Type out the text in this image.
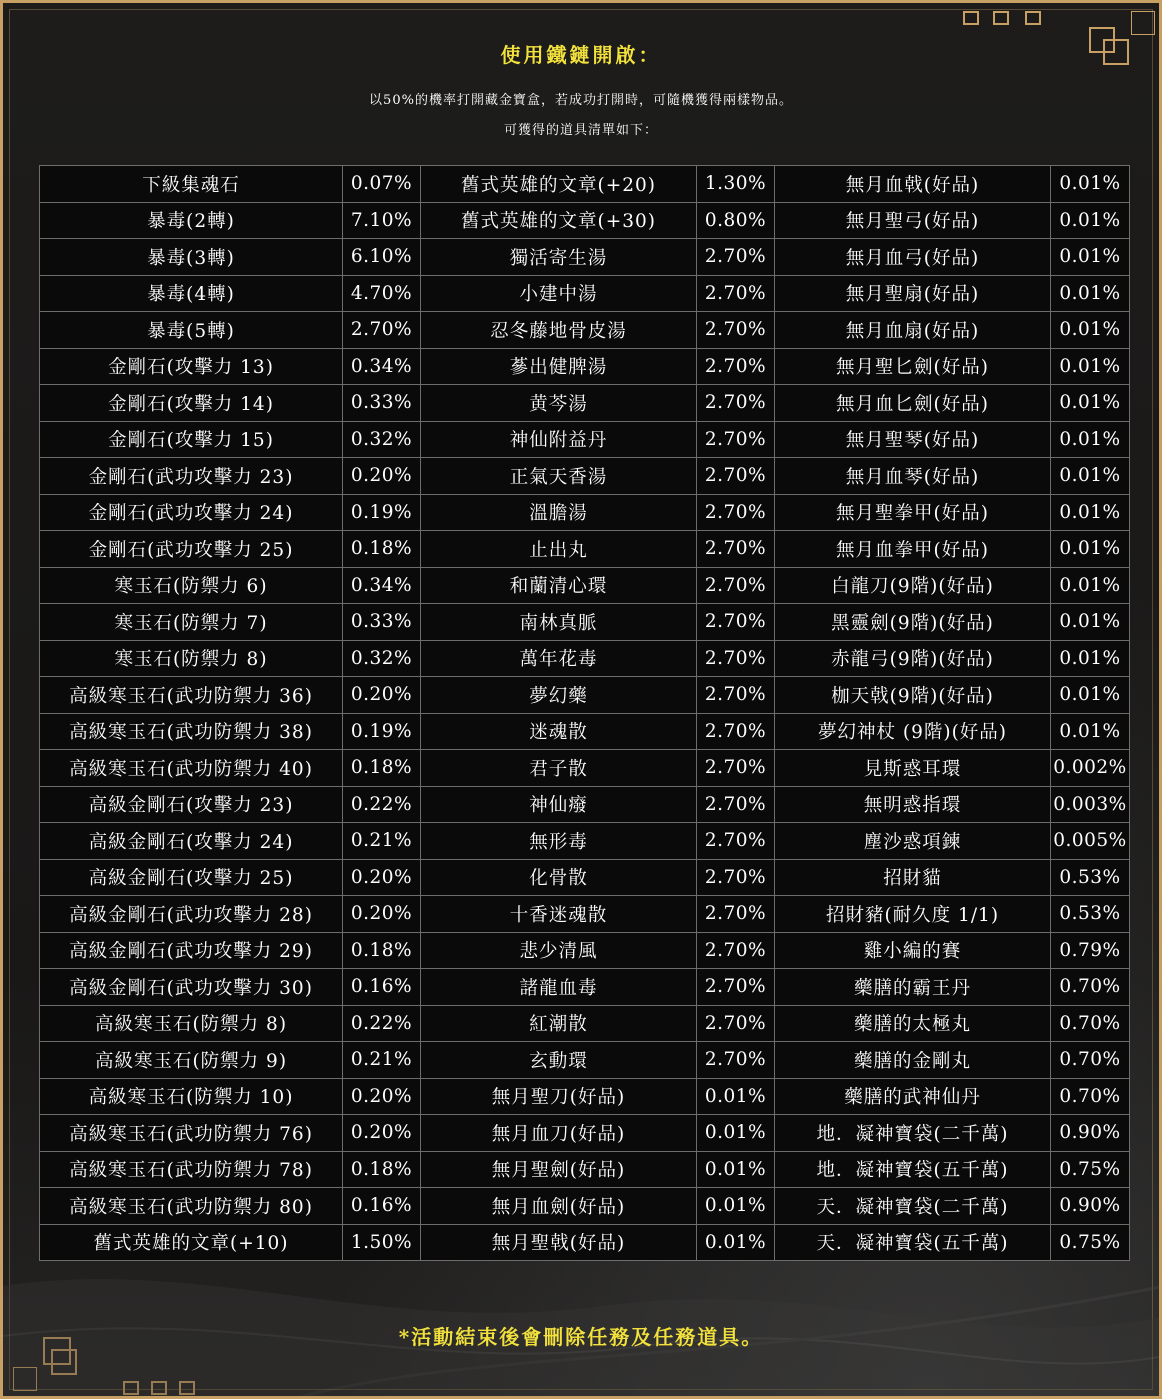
使用鐵鏈開啟：
以50%的機率打開藏金寶盒，若成功打開時，可隨機獲得兩樣物品。
可獲得的道具清單如下：
下級集魂石	0.07%	舊式英雄的文章(+20)	1.30%	無月血戟(好品)	0.01%
暴毒(2轉)	7.10%	舊式英雄的文章(+30)	0.80%	無月聖弓(好品)	0.01%
暴毒(3轉)	6.10%	獨活寄生湯	2.70%	無月血弓(好品)	0.01%
暴毒(4轉)	4.70%	小建中湯	2.70%	無月聖扇(好品)	0.01%
暴毒(5轉)	2.70%	忍冬藤地骨皮湯	2.70%	無月血扇(好品)	0.01%
金剛石(攻擊力 13)	0.34%	蔘出健脾湯	2.70%	無月聖匕劍(好品)	0.01%
金剛石(攻擊力 14)	0.33%	黄芩湯	2.70%	無月血匕劍(好品)	0.01%
金剛石(攻擊力 15)	0.32%	神仙附益丹	2.70%	無月聖琴(好品)	0.01%
金剛石(武功攻擊力 23)	0.20%	正氣天香湯	2.70%	無月血琴(好品)	0.01%
金剛石(武功攻擊力 24)	0.19%	溫膽湯	2.70%	無月聖拳甲(好品)	0.01%
金剛石(武功攻擊力 25)	0.18%	止出丸	2.70%	無月血拳甲(好品)	0.01%
寒玉石(防禦力 6)	0.34%	和蘭清心環	2.70%	白龍刀(9階)(好品)	0.01%
寒玉石(防禦力 7)	0.33%	南林真脈	2.70%	黑靈劍(9階)(好品)	0.01%
寒玉石(防禦力 8)	0.32%	萬年花毒	2.70%	赤龍弓(9階)(好品)	0.01%
高級寒玉石(武功防禦力 36)	0.20%	夢幻藥	2.70%	枷天戟(9階)(好品)	0.01%
高級寒玉石(武功防禦力 38)	0.19%	迷魂散	2.70%	夢幻神杖 (9階)(好品)	0.01%
高級寒玉石(武功防禦力 40)	0.18%	君子散	2.70%	見斯惑耳環	0.002%
高級金剛石(攻擊力 23)	0.22%	神仙癈	2.70%	無明惑指環	0.003%
高級金剛石(攻擊力 24)	0.21%	無形毒	2.70%	塵沙惑項鍊	0.005%
高級金剛石(攻擊力 25)	0.20%	化骨散	2.70%	招財貓	0.53%
高級金剛石(武功攻擊力 28)	0.20%	十香迷魂散	2.70%	招財豬(耐久度 1/1)	0.53%
高級金剛石(武功攻擊力 29)	0.18%	悲少清風	2.70%	雞小編的賽	0.79%
高級金剛石(武功攻擊力 30)	0.16%	諸龍血毒	2.70%	藥膳的霸王丹	0.70%
高級寒玉石(防禦力 8)	0.22%	紅潮散	2.70%	藥膳的太極丸	0.70%
高級寒玉石(防禦力 9)	0.21%	玄動環	2.70%	藥膳的金剛丸	0.70%
高級寒玉石(防禦力 10)	0.20%	無月聖刀(好品)	0.01%	藥膳的武神仙丹	0.70%
高級寒玉石(武功防禦力 76)	0.20%	無月血刀(好品)	0.01%	地．凝神寶袋(二千萬)	0.90%
高級寒玉石(武功防禦力 78)	0.18%	無月聖劍(好品)	0.01%	地．凝神寶袋(五千萬)	0.75%
高級寒玉石(武功防禦力 80)	0.16%	無月血劍(好品)	0.01%	天．凝神寶袋(二千萬)	0.90%
舊式英雄的文章(+10)	1.50%	無月聖戟(好品)	0.01%	天．凝神寶袋(五千萬)	0.75%
*活動結束後會刪除任務及任務道具。
